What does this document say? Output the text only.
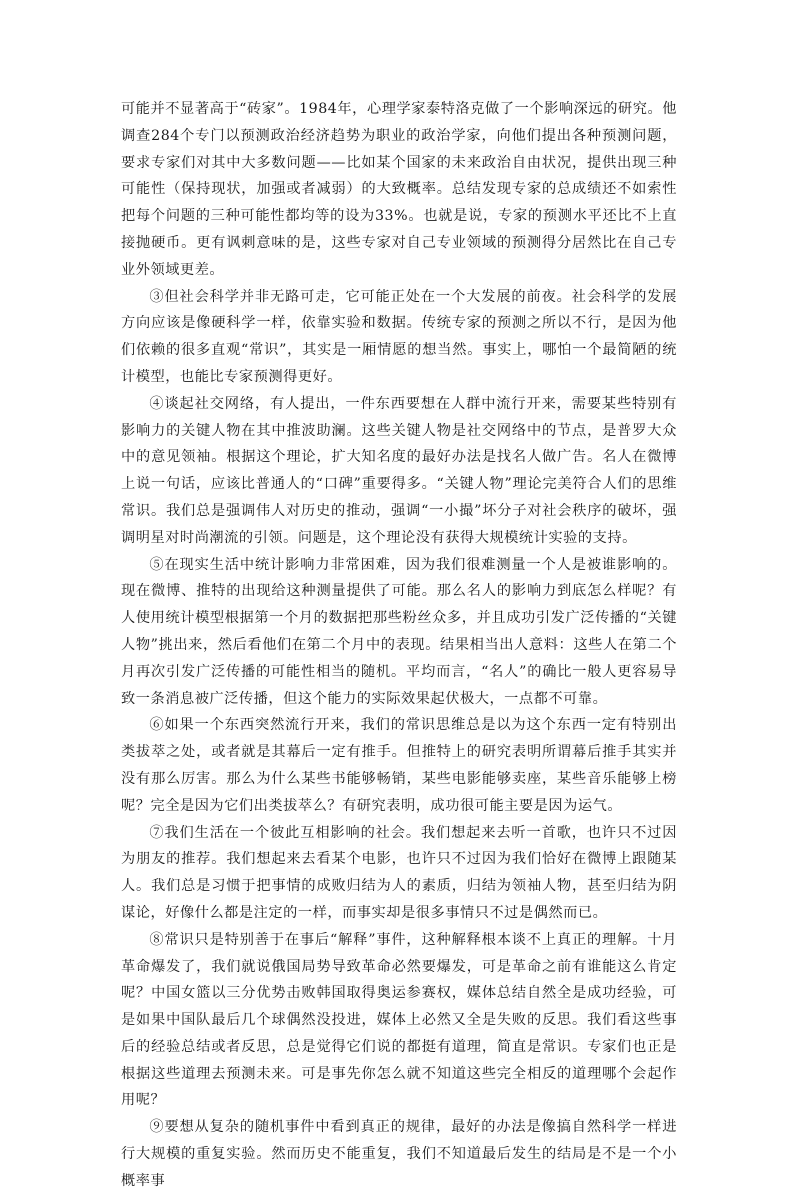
可能并不显著高于“砖家”。1984年，心理学家泰特洛克做了一个影响深远的研究。他调查284个专门以预测政治经济趋势为职业的政治学家，向他们提出各种预测问题，要求专家们对其中大多数问题——比如某个国家的未来政治自由状况，提供出现三种可能性（保持现状，加强或者减弱）的大致概率。总结发现专家的总成绩还不如索性把每个问题的三种可能性都均等的设为33%。也就是说，专家的预测水平还比不上直接抛硬币。更有讽刺意味的是，这些专家对自己专业领域的预测得分居然比在自己专业外领域更差。

③但社会科学并非无路可走，它可能正处在一个大发展的前夜。社会科学的发展方向应该是像硬科学一样，依靠实验和数据。传统专家的预测之所以不行，是因为他们依赖的很多直观“常识”，其实是一厢情愿的想当然。事实上，哪怕一个最简陋的统计模型，也能比专家预测得更好。

④谈起社交网络，有人提出，一件东西要想在人群中流行开来，需要某些特别有影响力的关键人物在其中推波助澜。这些关键人物是社交网络中的节点，是普罗大众中的意见领袖。根据这个理论，扩大知名度的最好办法是找名人做广告。名人在微博上说一句话，应该比普通人的“口碑”重要得多。“关键人物”理论完美符合人们的思维常识。我们总是强调伟人对历史的推动，强调“一小撮”坏分子对社会秩序的破坏，强调明星对时尚潮流的引领。问题是，这个理论没有获得大规模统计实验的支持。

⑤在现实生活中统计影响力非常困难，因为我们很难测量一个人是被谁影响的。现在微博、推特的出现给这种测量提供了可能。那么名人的影响力到底怎么样呢？有人使用统计模型根据第一个月的数据把那些粉丝众多，并且成功引发广泛传播的“关键人物”挑出来，然后看他们在第二个月中的表现。结果相当出人意料：这些人在第二个月再次引发广泛传播的可能性相当的随机。平均而言，“名人”的确比一般人更容易导致一条消息被广泛传播，但这个能力的实际效果起伏极大，一点都不可靠。

⑥如果一个东西突然流行开来，我们的常识思维总是以为这个东西一定有特别出类拔萃之处，或者就是其幕后一定有推手。但推特上的研究表明所谓幕后推手其实并没有那么厉害。那么为什么某些书能够畅销，某些电影能够卖座，某些音乐能够上榜呢？完全是因为它们出类拔萃么？有研究表明，成功很可能主要是因为运气。

⑦我们生活在一个彼此互相影响的社会。我们想起来去听一首歌，也许只不过因为朋友的推荐。我们想起来去看某个电影，也许只不过因为我们恰好在微博上跟随某人。我们总是习惯于把事情的成败归结为人的素质，归结为领袖人物，甚至归结为阴谋论，好像什么都是注定的一样，而事实却是很多事情只不过是偶然而已。

⑧常识只是特别善于在事后“解释”事件，这种解释根本谈不上真正的理解。十月革命爆发了，我们就说俄国局势导致革命必然要爆发，可是革命之前有谁能这么肯定呢？中国女篮以三分优势击败韩国取得奥运参赛权，媒体总结自然全是成功经验，可是如果中国队最后几个球偶然没投进，媒体上必然又全是失败的反思。我们看这些事后的经验总结或者反思，总是觉得它们说的都挺有道理，简直是常识。专家们也正是根据这些道理去预测未来。可是事先你怎么就不知道这些完全相反的道理哪个会起作用呢？

⑨要想从复杂的随机事件中看到真正的规律，最好的办法是像搞自然科学一样进行大规模的重复实验。然而历史不能重复，我们不知道最后发生的结局是不是一个小概率事
